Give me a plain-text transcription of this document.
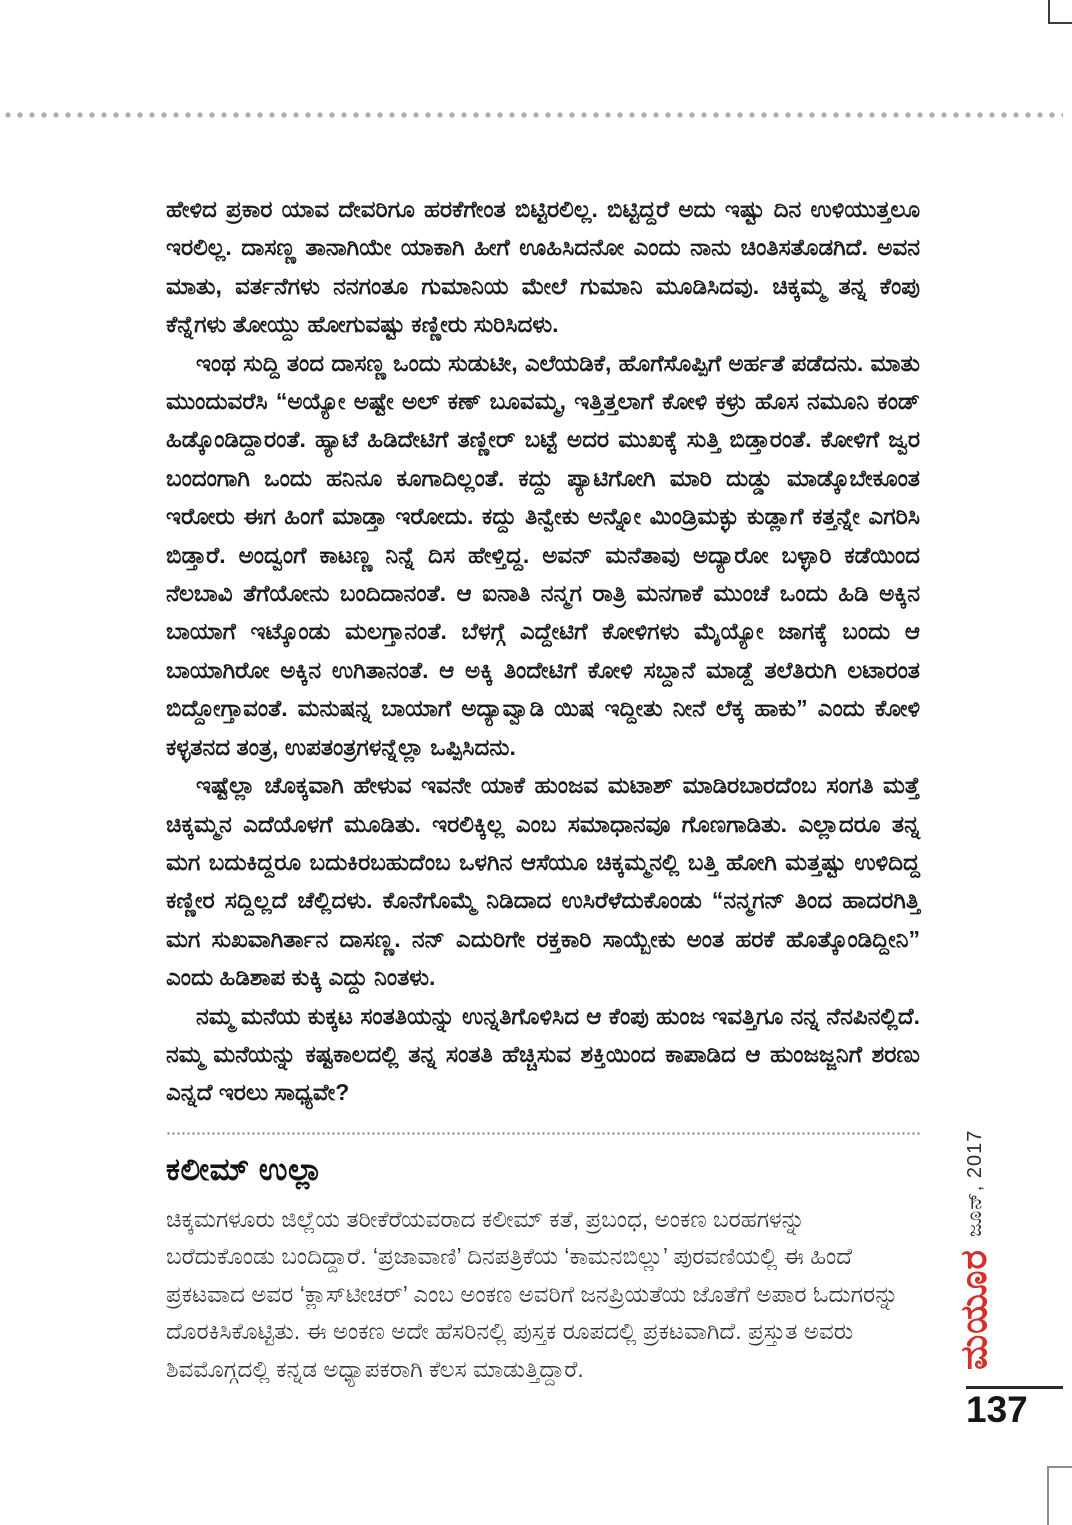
ಹೇಳಿದ ಪ್ರಕಾರ ಯಾವ ದೇವರಿಗೂ ಹರಕೆಗೇಂತ ಬಿಟ್ಟಿರಲಿಲ್ಲ. ಬಿಟ್ಟಿದ್ದರೆ ಅದು ಇಷ್ಟು ದಿನ ಉಳಿಯುತ್ತಲೂ ಇರಲಿಲ್ಲ. ದಾಸಣ್ಣ ತಾನಾಗಿಯೇ ಯಾಕಾಗಿ ಹೀಗೆ ಊಹಿಸಿದನೋ ಎಂದು ನಾನು ಚಿಂತಿಸತೊಡಗಿದೆ. ಅವನ ಮಾತು, ವರ್ತನೆಗಳು ನನಗಂತೂ ಗುಮಾನಿಯ ಮೇಲೆ ಗುಮಾನಿ ಮೂಡಿಸಿದವು. ಚಿಕ್ಕಮ್ಮ ತನ್ನ ಕೆಂಪು ಕೆನ್ನೆಗಳು ತೋಯ್ದು ಹೋಗುವಷ್ಟು ಕಣ್ಣೀರು ಸುರಿಸಿದಳು.

ಇಂಥ ಸುದ್ದಿ ತಂದ ದಾಸಣ್ಣ ಒಂದು ಸುಡುಟೀ, ಎಲೆಯಡಿಕೆ, ಹೊಗೆಸೊಪ್ಪಿಗೆ ಅರ್ಹತೆ ಪಡೆದನು. ಮಾತು ಮುಂದುವರೆಸಿ “ಅಯ್ಯೋ ಅಷ್ಟೇ ಅಲ್ ಕಣ್ ಬೂವಮ್ಮ, ಇತ್ತಿತ್ತಲಾಗೆ ಕೋಳಿ ಕಳ್ರು ಹೊಸ ನಮೂನಿ ಕಂಡ್ ಹಿಡ್ಕೊಂಡಿದ್ದಾರಂತೆ. ಹ್ಯಾಟೆ ಹಿಡಿದೇಟಿಗೆ ತಣ್ಣೀರ್ ಬಟ್ಟೆ ಅದರ ಮುಖಕ್ಕೆ ಸುತ್ತಿ ಬಿಡ್ತಾರಂತೆ. ಕೋಳಿಗೆ ಜ್ವರ ಬಂದಂಗಾಗಿ ಒಂದು ಹನಿನೂ ಕೂಗಾದಿಲ್ಲಂತೆ. ಕದ್ದು ಪ್ಯಾಟಿಗೋಗಿ ಮಾರಿ ದುಡ್ಡು ಮಾಡ್ಕೊಬೇಕೂಂತ ಇರೋರು ಈಗ ಹಿಂಗೆ ಮಾಡ್ತಾ ಇರೋದು. ಕದ್ದು ತಿನ್ವೇಕು ಅನ್ನೋ ಮಿಂಡ್ರಿಮಕ್ಳು ಕುಡ್ಲಾಗೆ ಕತ್ತನ್ನೇ ಎಗರಿಸಿ ಬಿಡ್ತಾರೆ. ಅಂದ್ವಂಗೆ ಕಾಟಣ್ಣ ನಿನ್ನೆ ದಿಸ ಹೇಳ್ತಿದ್ದ. ಅವನ್ ಮನೆತಾವು ಅದ್ಯಾರೋ ಬಳ್ಳಾರಿ ಕಡೆಯಿಂದ ನೆಲಬಾವಿ ತೆಗೆಯೋನು ಬಂದಿದಾನಂತೆ. ಆ ಐನಾತಿ ನನ್ಮಗ ರಾತ್ರಿ ಮನಗಾಕೆ ಮುಂಚೆ ಒಂದು ಹಿಡಿ ಅಕ್ಕಿನ ಬಾಯಾಗೆ ಇಟ್ಕೊಂಡು ಮಲಗ್ತಾನಂತೆ. ಬೆಳಗ್ಗೆ ಎದ್ದೇಟಿಗೆ ಕೋಳಿಗಳು ಮೈಯ್ಯೋ ಜಾಗಕ್ಕೆ ಬಂದು ಆ ಬಾಯಾಗಿರೋ ಅಕ್ಕಿನ ಉಗಿತಾನಂತೆ. ಆ ಅಕ್ಕಿ ತಿಂದೇಟಿಗೆ ಕೋಳಿ ಸಬ್ದಾನೆ ಮಾಡ್ದೆ ತಲೆತಿರುಗಿ ಲಟಾರಂತ ಬಿದ್ದೋಗ್ತಾವಂತೆ. ಮನುಷನ್ನ ಬಾಯಾಗೆ ಅದ್ಯಾವ್ವಾಡಿ ಯಿಷ ಇದ್ದೀತು ನೀನೆ ಲೆಕ್ಕ ಹಾಕು” ಎಂದು ಕೋಳಿ ಕಳ್ಳತನದ ತಂತ್ರ, ಉಪತಂತ್ರಗಳನ್ನೆಲ್ಲಾ ಒಪ್ಪಿಸಿದನು.

ಇಷ್ಟೆಲ್ಲಾ ಚೊಕ್ಕವಾಗಿ ಹೇಳುವ ಇವನೇ ಯಾಕೆ ಹುಂಜವ ಮಟಾಶ್ ಮಾಡಿರಬಾರದೆಂಬ ಸಂಗತಿ ಮತ್ತೆ ಚಿಕ್ಕಮ್ಮನ ಎದೆಯೊಳಗೆ ಮೂಡಿತು. ಇರಲಿಕ್ಕಿಲ್ಲ ಎಂಬ ಸಮಾಧಾನವೂ ಗೊಣಗಾಡಿತು. ಎಲ್ಲಾದರೂ ತನ್ನ ಮಗ ಬದುಕಿದ್ದರೂ ಬದುಕಿರಬಹುದೆಂಬ ಒಳಗಿನ ಆಸೆಯೂ ಚಿಕ್ಕಮ್ಮನಲ್ಲಿ ಬತ್ತಿ ಹೋಗಿ ಮತ್ತಷ್ಟು ಉಳಿದಿದ್ದ ಕಣ್ಣೀರ ಸದ್ದಿಲ್ಲದೆ ಚೆಲ್ಲಿದಳು. ಕೊನೆಗೊಮ್ಮೆ ನಿಡಿದಾದ ಉಸಿರೆಳೆದುಕೊಂಡು “ನನ್ಮಗನ್ ತಿಂದ ಹಾದರಗಿತ್ತಿ ಮಗ ಸುಖವಾಗಿರ್ತಾನ ದಾಸಣ್ಣ. ನನ್ ಎದುರಿಗೇ ರಕ್ತಕಾರಿ ಸಾಯ್ಬೇಕು ಅಂತ ಹರಕೆ ಹೊತ್ಕೊಂಡಿದ್ದೀನಿ” ಎಂದು ಹಿಡಿಶಾಪ ಕುಕ್ಕಿ ಎದ್ದು ನಿಂತಳು.

ನಮ್ಮ ಮನೆಯ ಕುಕ್ಕಟ ಸಂತತಿಯನ್ನು ಉನ್ನತಿಗೊಳಿಸಿದ ಆ ಕೆಂಪು ಹುಂಜ ಇವತ್ತಿಗೂ ನನ್ನ ನೆನಪಿನಲ್ಲಿದೆ. ನಮ್ಮ ಮನೆಯನ್ನು ಕಷ್ಟಕಾಲದಲ್ಲಿ ತನ್ನ ಸಂತತಿ ಹೆಚ್ಚಿಸುವ ಶಕ್ತಿಯಿಂದ ಕಾಪಾಡಿದ ಆ ಹುಂಜಜ್ಜನಿಗೆ ಶರಣು ಎನ್ನದೆ ಇರಲು ಸಾಧ್ಯವೇ?

ಕಲೀಮ್ ಉಲ್ಲಾ

ಚಿಕ್ಕಮಗಳೂರು ಜಿಲ್ಲೆಯ ತರೀಕೆರೆಯವರಾದ ಕಲೀಮ್ ಕತೆ, ಪ್ರಬಂಧ, ಅಂಕಣ ಬರಹಗಳನ್ನು ಬರೆದುಕೊಂಡು ಬಂದಿದ್ದಾರೆ. ‘ಪ್ರಜಾವಾಣಿ’ ದಿನಪತ್ರಿಕೆಯ ‘ಕಾಮನಬಿಲ್ಲು’ ಪುರವಣಿಯಲ್ಲಿ ಈ ಹಿಂದೆ ಪ್ರಕಟವಾದ ಅವರ ‘ಕ್ಲಾಸ್‌ಟೀಚರ್’ ಎಂಬ ಅಂಕಣ ಅವರಿಗೆ ಜನಪ್ರಿಯತೆಯ ಜೊತೆಗೆ ಅಪಾರ ಓದುಗರನ್ನು ದೊರಕಿಸಿಕೊಟ್ಟಿತು. ಈ ಅಂಕಣ ಅದೇ ಹೆಸರಿನಲ್ಲಿ ಪುಸ್ತಕ ರೂಪದಲ್ಲಿ ಪ್ರಕಟವಾಗಿದೆ. ಪ್ರಸ್ತುತ ಅವರು ಶಿವಮೊಗ್ಗದಲ್ಲಿ ಕನ್ನಡ ಅಧ್ಯಾಪಕರಾಗಿ ಕೆಲಸ ಮಾಡುತ್ತಿದ್ದಾರೆ.

ಜೂನ್, 2017
ಮಯೂರ
137
